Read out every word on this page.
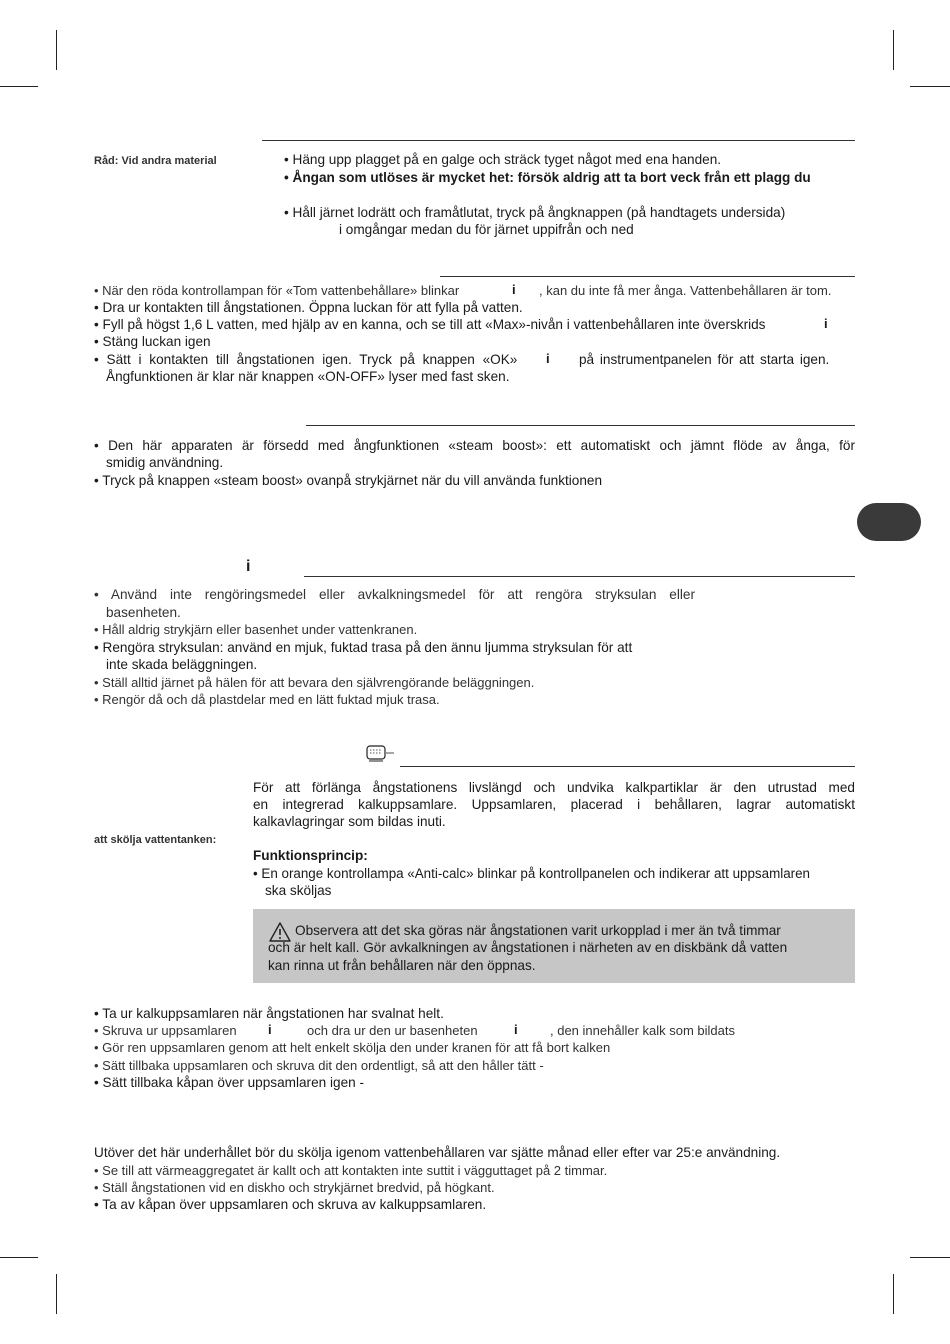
Råd: Vid andra material
att skölja vattentanken:
• Häng upp plagget på en galge och sträck tyget något med ena handen.
• Ångan som utlöses är mycket het: försök aldrig att ta bort veck från ett plagg du
• Håll järnet lodrätt och framåtlutat, tryck på ångknappen (på handtagets undersida)
i omgångar medan du för järnet uppifrån och ned
• När den röda kontrollampan för «Tom vattenbehållare» blinkar	i , kan du inte få mer ånga. Vattenbehållaren är tom.
• Dra ur kontakten till ångstationen. Öppna luckan för att fylla på vatten.
• Fyll på högst 1,6 L vatten, med hjälp av en kanna, och se till att «Max»-nivån i vattenbehållaren inte överskrids	i
• Stäng luckan igen
• Sätt i kontakten till ångstationen igen. Tryck på knappen «OK» i på instrumentpanelen för att starta igen.
Ångfunktionen är klar när knappen «ON-OFF» lyser med fast sken.
• Den här apparaten är försedd med ångfunktionen «steam boost»: ett automatiskt och jämnt flöde av ånga, för
smidig användning.
• Tryck på knappen «steam boost» ovanpå strykjärnet när du vill använda funktionen
i
• Använd inte rengöringsmedel eller avkalkningsmedel för att rengöra stryksulan eller
basenheten.
• Håll aldrig strykjärn eller basenhet under vattenkranen.
• Rengöra stryksulan: använd en mjuk, fuktad trasa på den ännu ljumma stryksulan för att
inte skada beläggningen.
• Ställ alltid järnet på hälen för att bevara den självrengörande beläggningen.
• Rengör då och då plastdelar med en lätt fuktad mjuk trasa.
För att förlänga ångstationens livslängd och undvika kalkpartiklar är den utrustad med
en integrerad kalkuppsamlare. Uppsamlaren, placerad i behållaren, lagrar automatiskt
kalkavlagringar som bildas inuti.
Funktionsprincip:
• En orange kontrollampa «Anti-calc» blinkar på kontrollpanelen och indikerar att uppsamlaren
ska sköljas
Observera att det ska göras när ångstationen varit urkopplad i mer än två timmar
och är helt kall. Gör avkalkningen av ångstationen i närheten av en diskbänk då vatten
kan rinna ut från behållaren när den öppnas.
• Ta ur kalkuppsamlaren när ångstationen har svalnat helt.
• Skruva ur uppsamlaren i	och dra ur den ur basenheten	i , den innehåller kalk som bildats
• Gör ren uppsamlaren genom att helt enkelt skölja den under kranen för att få bort kalken
• Sätt tillbaka uppsamlaren och skruva dit den ordentligt, så att den håller tätt -
• Sätt tillbaka kåpan över uppsamlaren igen -
Utöver det här underhållet bör du skölja igenom vattenbehållaren var sjätte månad eller efter var 25:e användning.
• Se till att värmeaggregatet är kallt och att kontakten inte suttit i vägguttaget på 2 timmar.
• Ställ ångstationen vid en diskho och strykjärnet bredvid, på högkant.
• Ta av kåpan över uppsamlaren och skruva av kalkuppsamlaren.
